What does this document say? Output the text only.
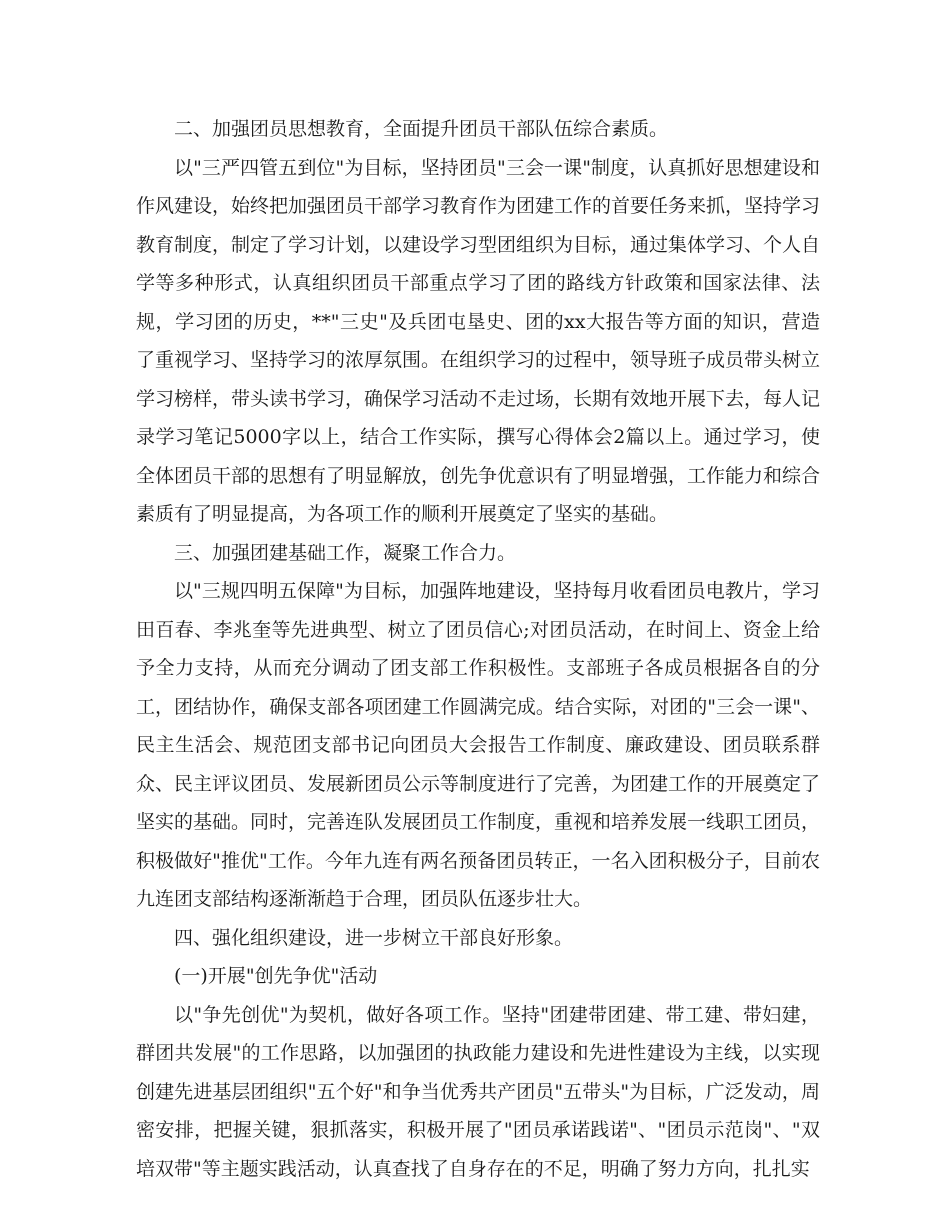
二、加强团员思想教育，全面提升团员干部队伍综合素质。

以"三严四管五到位"为目标，坚持团员"三会一课"制度，认真抓好思想建设和作风建设，始终把加强团员干部学习教育作为团建工作的首要任务来抓，坚持学习教育制度，制定了学习计划，以建设学习型团组织为目标，通过集体学习、个人自学等多种形式，认真组织团员干部重点学习了团的路线方针政策和国家法律、法规，学习团的历史，**"三史"及兵团屯垦史、团的xx大报告等方面的知识，营造了重视学习、坚持学习的浓厚氛围。在组织学习的过程中，领导班子成员带头树立学习榜样，带头读书学习，确保学习活动不走过场，长期有效地开展下去，每人记录学习笔记5000字以上，结合工作实际，撰写心得体会2篇以上。通过学习，使全体团员干部的思想有了明显解放，创先争优意识有了明显增强，工作能力和综合素质有了明显提高，为各项工作的顺利开展奠定了坚实的基础。

三、加强团建基础工作，凝聚工作合力。

以"三规四明五保障"为目标，加强阵地建设，坚持每月收看团员电教片，学习田百春、李兆奎等先进典型、树立了团员信心;对团员活动，在时间上、资金上给予全力支持，从而充分调动了团支部工作积极性。支部班子各成员根据各自的分工，团结协作，确保支部各项团建工作圆满完成。结合实际，对团的"三会一课"、民主生活会、规范团支部书记向团员大会报告工作制度、廉政建设、团员联系群众、民主评议团员、发展新团员公示等制度进行了完善，为团建工作的开展奠定了坚实的基础。同时，完善连队发展团员工作制度，重视和培养发展一线职工团员，积极做好"推优"工作。今年九连有两名预备团员转正，一名入团积极分子，目前农九连团支部结构逐渐渐趋于合理，团员队伍逐步壮大。

四、强化组织建设，进一步树立干部良好形象。

(一)开展"创先争优"活动

以"争先创优"为契机，做好各项工作。坚持"团建带团建、带工建、带妇建，群团共发展"的工作思路，以加强团的执政能力建设和先进性建设为主线，以实现创建先进基层团组织"五个好"和争当优秀共产团员"五带头"为目标，广泛发动，周密安排，把握关键，狠抓落实，积极开展了"团员承诺践诺"、"团员示范岗"、"双培双带"等主题实践活动，认真查找了自身存在的不足，明确了努力方向，扎扎实
